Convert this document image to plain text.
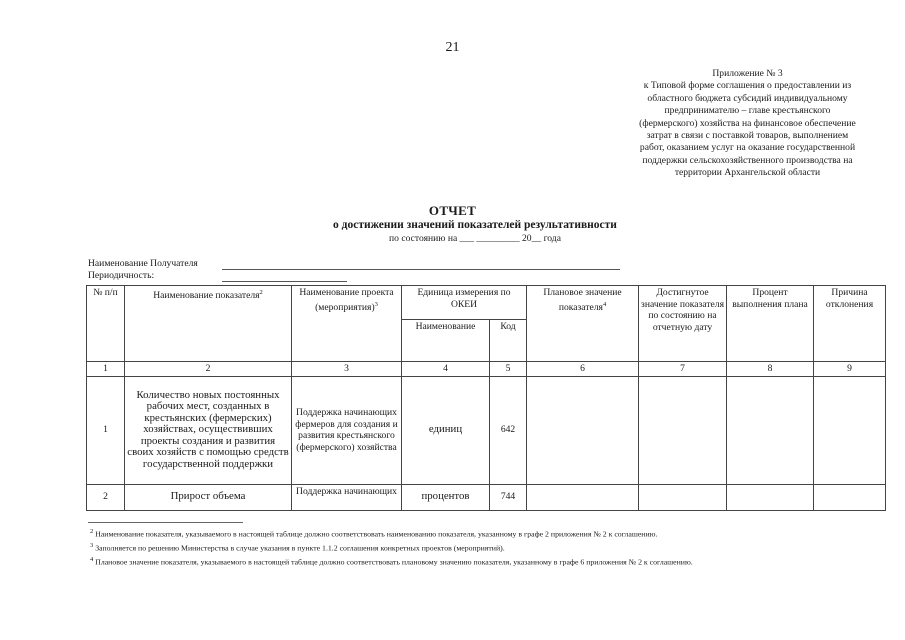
21
Приложение № 3
к Типовой форме соглашения о предоставлении из
областного бюджета субсидий индивидуальному
предпринимателю – главе крестьянского
(фермерского) хозяйства на финансовое обеспечение
затрат в связи с поставкой товаров, выполнением
работ, оказанием услуг на оказание государственной
поддержки сельскохозяйственного производства на
территории Архангельской области
ОТЧЕТ
о достижении значений показателей результативности
по состоянию на ___ _________ 20__ года
Наименование Получателя
Периодичность:
№ п/п	Наименование показателя$^2$	Наименование проекта (мероприятия)$^3$	Единица измерения по ОКЕИ		Плановое значение показателя$^4$	Достигнутое значение показателя по состоянию на отчетную дату	Процент выполнения плана	Причина отклонения
			Наименование	Код				
1	2	3	4	5	6	7	8	9
1	Количество новых постоянных рабочих мест, созданных в крестьянских (фермерских) хозяйствах, осуществивших проекты создания и развития своих хозяйств с помощью средств государственной поддержки	Поддержка начинающих фермеров для создания и развития крестьянского (фермерского) хозяйства	единиц	642				
2	Прирост объема	Поддержка начинающих	процентов	744				
$^2$ Наименование показателя, указываемого в настоящей таблице должно соответствовать наименованию показателя, указанному в графе 2 приложения № 2 к соглашению.
$^3$ Заполняется по решению Министерства в случае указания в пункте 1.1.2 соглашения конкретных проектов (мероприятий).
$^4$ Плановое значение показателя, указываемого в настоящей таблице должно соответствовать плановому значению показателя, указанному в графе 6 приложения № 2 к соглашению.
